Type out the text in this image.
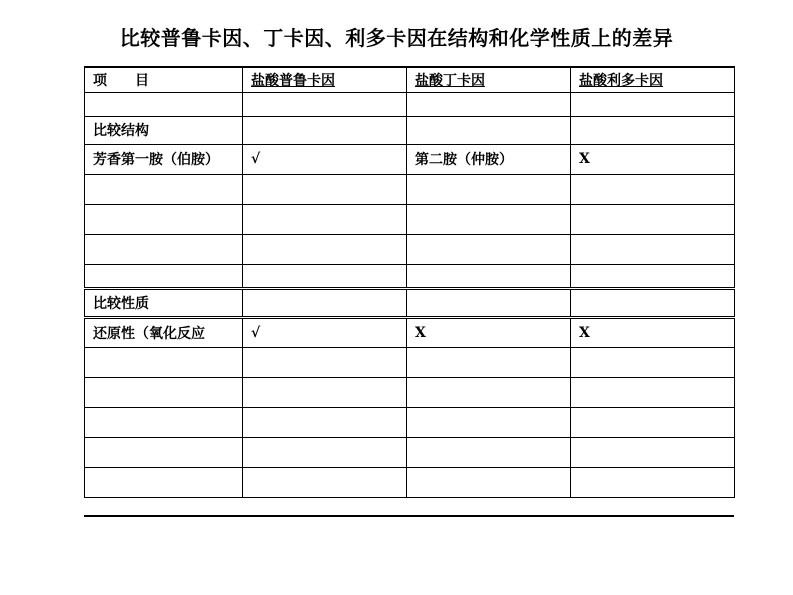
比较普鲁卡因、丁卡因、利多卡因在结构和化学性质上的差异
项　　目	盐酸普鲁卡因	盐酸丁卡因	盐酸利多卡因

比较结构			
芳香第一胺（伯胺）	√	第二胺（仲胺）	X

比较性质			
还原性（氧化反应	√	X	X
